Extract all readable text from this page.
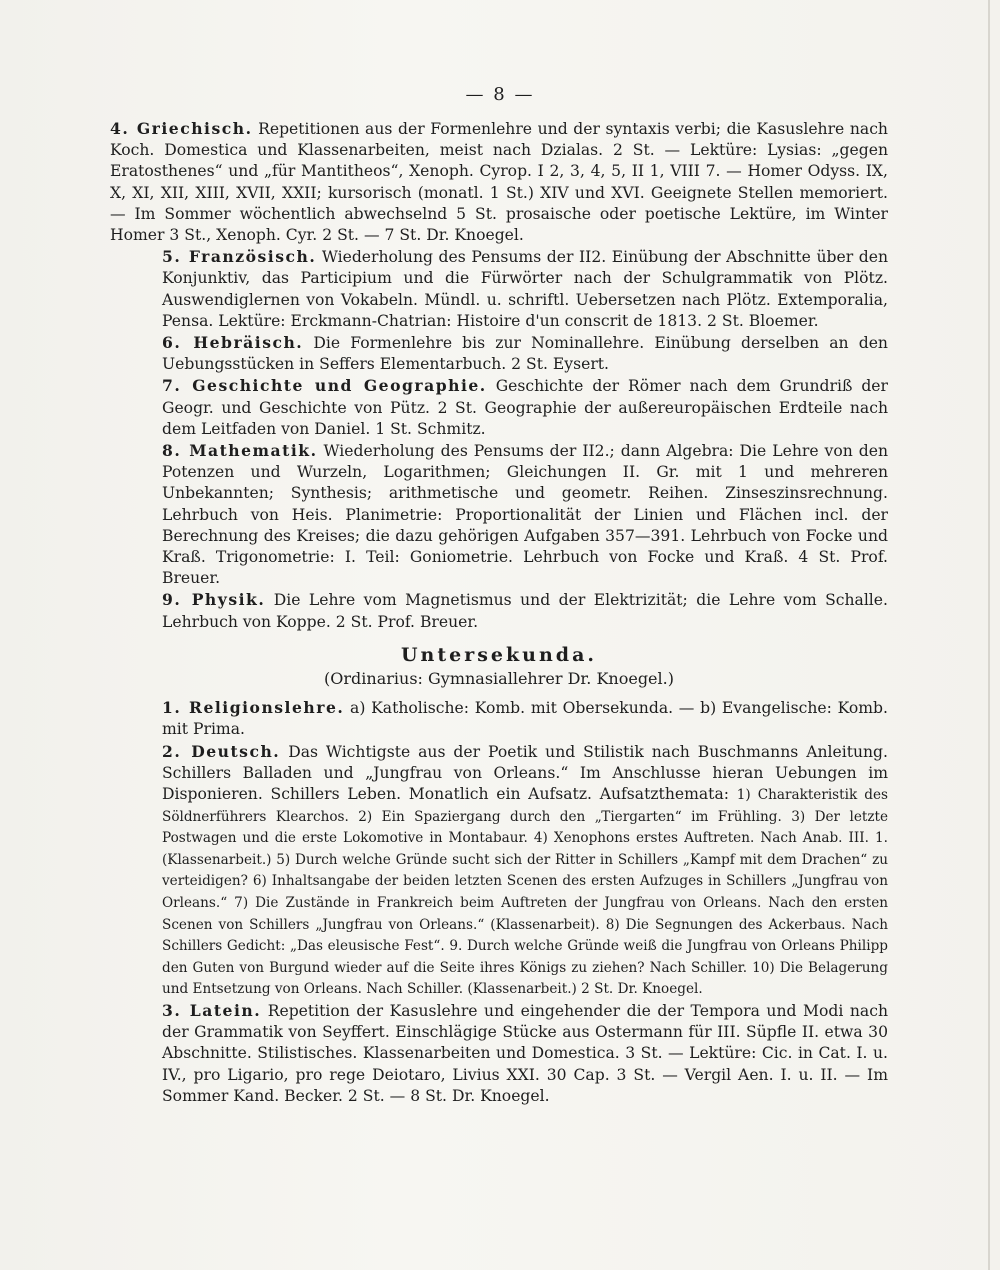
— 8 —

4. Griechisch. Repetitionen aus der Formenlehre und der syntaxis verbi; die Kasuslehre nach Koch. Domestica und Klassenarbeiten, meist nach Dzialas. 2 St. — Lektüre: Lysias: „gegen Eratosthenes“ und „für Mantitheos“, Xenoph. Cyrop. I 2, 3, 4, 5, II 1, VIII 7. — Homer Odyss. IX, X, XI, XII, XIII, XVII, XXII; kursorisch (monatl. 1 St.) XIV und XVI. Geeignete Stellen memoriert. — Im Sommer wöchentlich abwechselnd 5 St. prosaische oder poetische Lektüre, im Winter Homer 3 St., Xenoph. Cyr. 2 St. — 7 St. Dr. Knoegel.

5. Französisch. Wiederholung des Pensums der II2. Einübung der Abschnitte über den Konjunktiv, das Participium und die Fürwörter nach der Schulgrammatik von Plötz. Auswendiglernen von Vokabeln. Mündl. u. schriftl. Uebersetzen nach Plötz. Extemporalia, Pensa. Lektüre: Erckmann-Chatrian: Histoire d'un conscrit de 1813. 2 St. Bloemer.

6. Hebräisch. Die Formenlehre bis zur Nominallehre. Einübung derselben an den Uebungsstücken in Seffers Elementarbuch. 2 St. Eysert.

7. Geschichte und Geographie. Geschichte der Römer nach dem Grundriß der Geogr. und Geschichte von Pütz. 2 St. Geographie der außereuropäischen Erdteile nach dem Leitfaden von Daniel. 1 St. Schmitz.

8. Mathematik. Wiederholung des Pensums der II2.; dann Algebra: Die Lehre von den Potenzen und Wurzeln, Logarithmen; Gleichungen II. Gr. mit 1 und mehreren Unbekannten; Synthesis; arithmetische und geometr. Reihen. Zinseszinsrechnung. Lehrbuch von Heis. Planimetrie: Proportionalität der Linien und Flächen incl. der Berechnung des Kreises; die dazu gehörigen Aufgaben 357—391. Lehrbuch von Focke und Kraß. Trigonometrie: I. Teil: Goniometrie. Lehrbuch von Focke und Kraß. 4 St. Prof. Breuer.

9. Physik. Die Lehre vom Magnetismus und der Elektrizität; die Lehre vom Schalle. Lehrbuch von Koppe. 2 St. Prof. Breuer.

Untersekunda.
(Ordinarius: Gymnasiallehrer Dr. Knoegel.)

1. Religionslehre. a) Katholische: Komb. mit Obersekunda. — b) Evangelische: Komb. mit Prima.

2. Deutsch. Das Wichtigste aus der Poetik und Stilistik nach Buschmanns Anleitung. Schillers Balladen und „Jungfrau von Orleans.“ Im Anschlusse hieran Uebungen im Disponieren. Schillers Leben. Monatlich ein Aufsatz. Aufsatzthemata: 1) Charakteristik des Söldnerführers Klearchos. 2) Ein Spaziergang durch den „Tiergarten“ im Frühling. 3) Der letzte Postwagen und die erste Lokomotive in Montabaur. 4) Xenophons erstes Auftreten. Nach Anab. III. 1. (Klassenarbeit.) 5) Durch welche Gründe sucht sich der Ritter in Schillers „Kampf mit dem Drachen“ zu verteidigen? 6) Inhaltsangabe der beiden letzten Scenen des ersten Aufzuges in Schillers „Jungfrau von Orleans.“ 7) Die Zustände in Frankreich beim Auftreten der Jungfrau von Orleans. Nach den ersten Scenen von Schillers „Jungfrau von Orleans.“ (Klassenarbeit). 8) Die Segnungen des Ackerbaus. Nach Schillers Gedicht: „Das eleusische Fest“. 9. Durch welche Gründe weiß die Jungfrau von Orleans Philipp den Guten von Burgund wieder auf die Seite ihres Königs zu ziehen? Nach Schiller. 10) Die Belagerung und Entsetzung von Orleans. Nach Schiller. (Klassenarbeit.) 2 St. Dr. Knoegel.

3. Latein. Repetition der Kasuslehre und eingehender die der Tempora und Modi nach der Grammatik von Seyffert. Einschlägige Stücke aus Ostermann für III. Süpfle II. etwa 30 Abschnitte. Stilistisches. Klassenarbeiten und Domestica. 3 St. — Lektüre: Cic. in Cat. I. u. IV., pro Ligario, pro rege Deiotaro, Livius XXI. 30 Cap. 3 St. — Vergil Aen. I. u. II. — Im Sommer Kand. Becker. 2 St. — 8 St. Dr. Knoegel.
